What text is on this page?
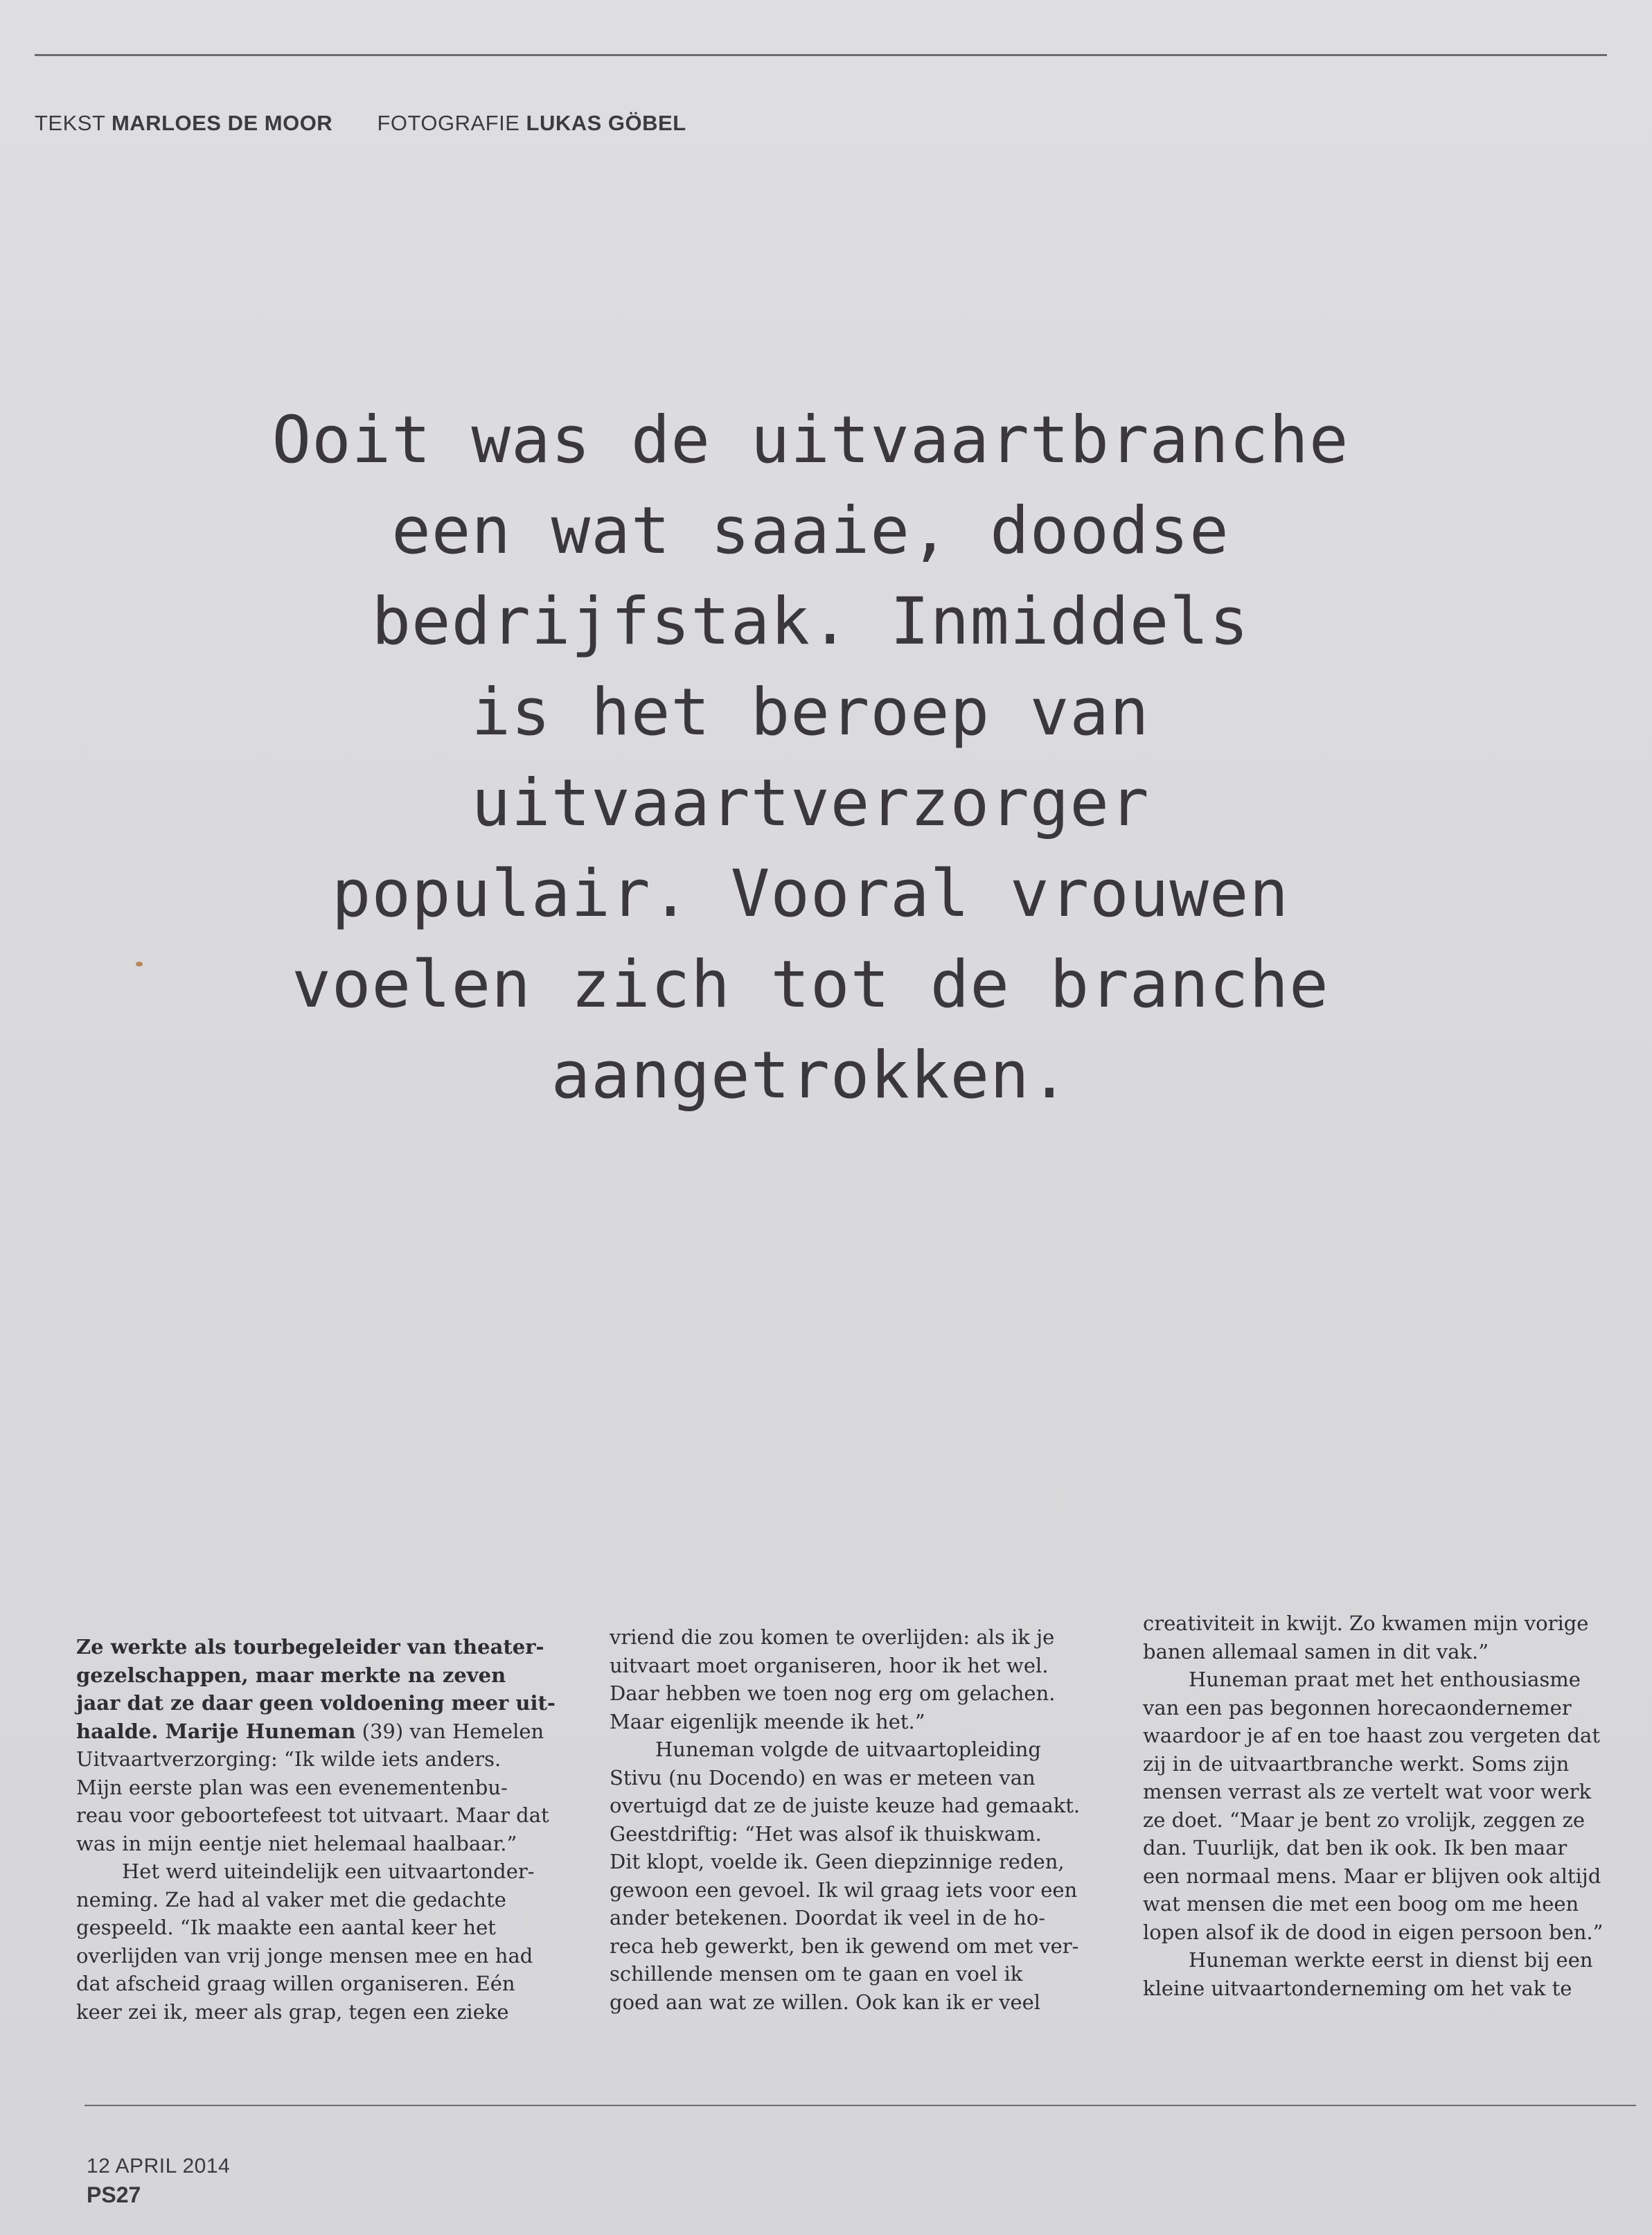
TEKST MARLOES DE MOOR FOTOGRAFIE LUKAS GÖBEL
Ooit was de uitvaartbranche
een wat saaie, doodse
bedrijfstak. Inmiddels
is het beroep van
uitvaartverzorger
populair. Vooral vrouwen
voelen zich tot de branche
aangetrokken.

Ze werkte als tourbegeleider van theater-

gezelschappen, maar merkte na zeven

jaar dat ze daar geen voldoening meer uit-

haalde. Marije Huneman (39) van Hemelen

Uitvaartverzorging: “Ik wilde iets anders.

Mijn eerste plan was een evenementenbu-

reau voor geboortefeest tot uitvaart. Maar dat

was in mijn eentje niet helemaal haalbaar.”

Het werd uiteindelijk een uitvaartonder-

neming. Ze had al vaker met die gedachte

gespeeld. “Ik maakte een aantal keer het

overlijden van vrij jonge mensen mee en had

dat afscheid graag willen organiseren. Eén

keer zei ik, meer als grap, tegen een zieke

vriend die zou komen te overlijden: als ik je

uitvaart moet organiseren, hoor ik het wel.

Daar hebben we toen nog erg om gelachen.

Maar eigenlijk meende ik het.”

Huneman volgde de uitvaartopleiding

Stivu (nu Docendo) en was er meteen van

overtuigd dat ze de juiste keuze had gemaakt.

Geestdriftig: “Het was alsof ik thuiskwam.

Dit klopt, voelde ik. Geen diepzinnige reden,

gewoon een gevoel. Ik wil graag iets voor een

ander betekenen. Doordat ik veel in de ho-

reca heb gewerkt, ben ik gewend om met ver-

schillende mensen om te gaan en voel ik

goed aan wat ze willen. Ook kan ik er veel

creativiteit in kwijt. Zo kwamen mijn vorige

banen allemaal samen in dit vak.”

Huneman praat met het enthousiasme

van een pas begonnen horecaondernemer

waardoor je af en toe haast zou vergeten dat

zij in de uitvaartbranche werkt. Soms zijn

mensen verrast als ze vertelt wat voor werk

ze doet. “Maar je bent zo vrolijk, zeggen ze

dan. Tuurlijk, dat ben ik ook. Ik ben maar

een normaal mens. Maar er blijven ook altijd

wat mensen die met een boog om me heen

lopen alsof ik de dood in eigen persoon ben.”

Huneman werkte eerst in dienst bij een

kleine uitvaartonderneming om het vak te

12 APRIL 2014
PS27
